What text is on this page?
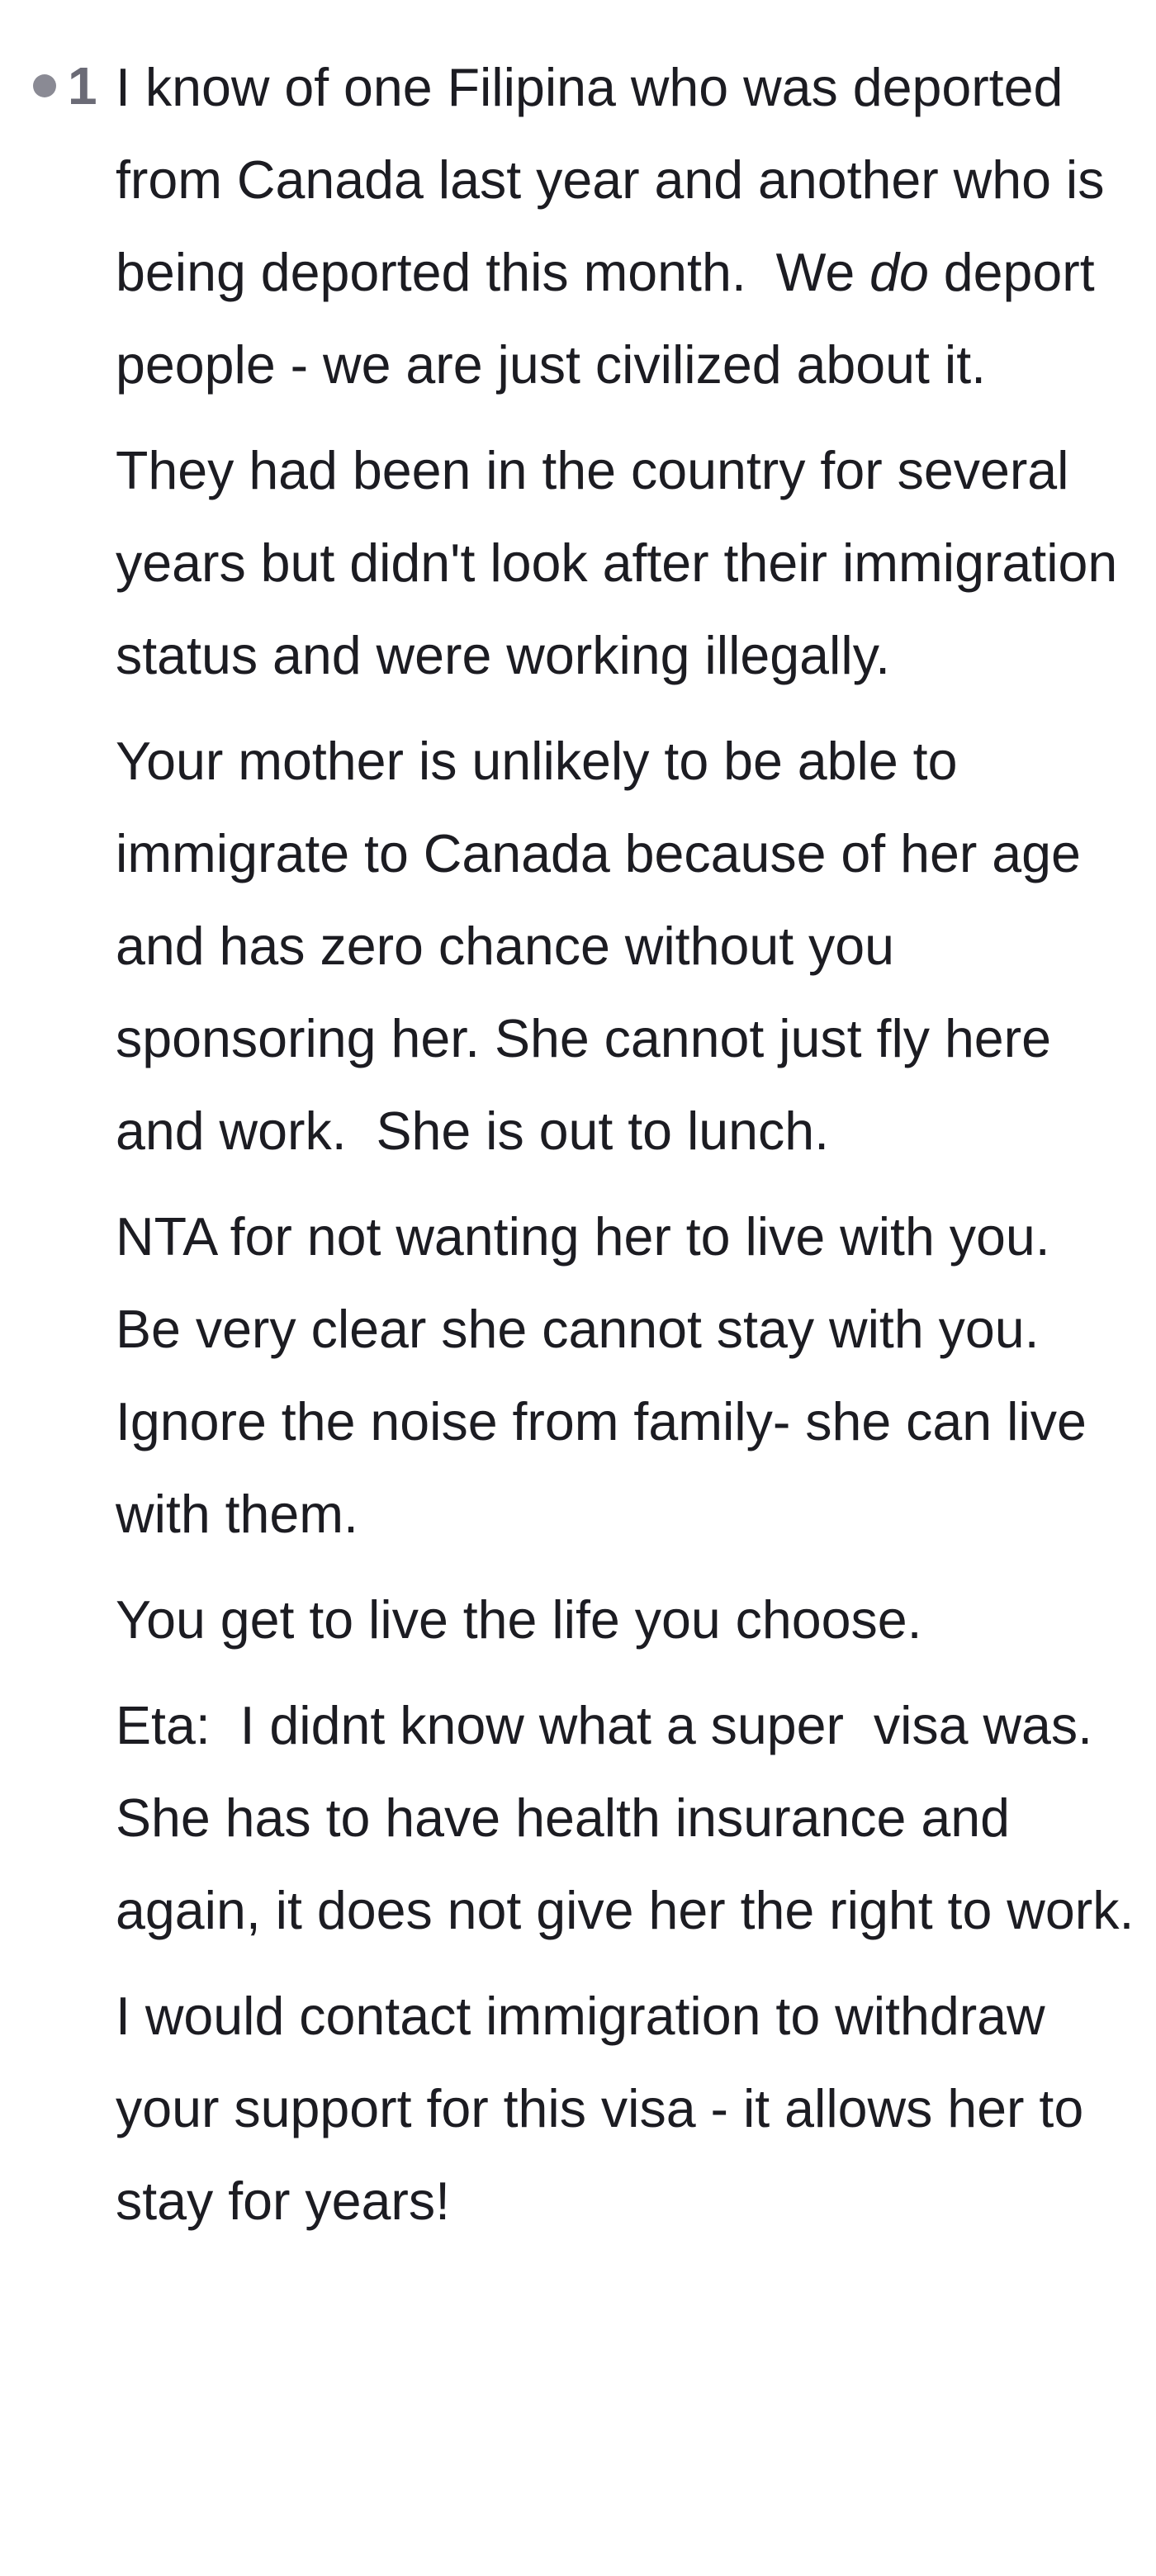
1 I know of one Filipina who was deported from Canada last year and another who is being deported this month.  We do deport people - we are just civilized about it.

They had been in the country for several years but didn't look after their immigration status and were working illegally.

Your mother is unlikely to be able to immigrate to Canada because of her age and has zero chance without you sponsoring her. She cannot just fly here and work.  She is out to lunch.

NTA for not wanting her to live with you.  Be very clear she cannot stay with you.  Ignore the noise from family- she can live with them.

You get to live the life you choose.

Eta:  I didnt know what a super  visa was.  She has to have health insurance and again, it does not give her the right to work.

I would contact immigration to withdraw your support for this visa - it allows her to stay for years!
